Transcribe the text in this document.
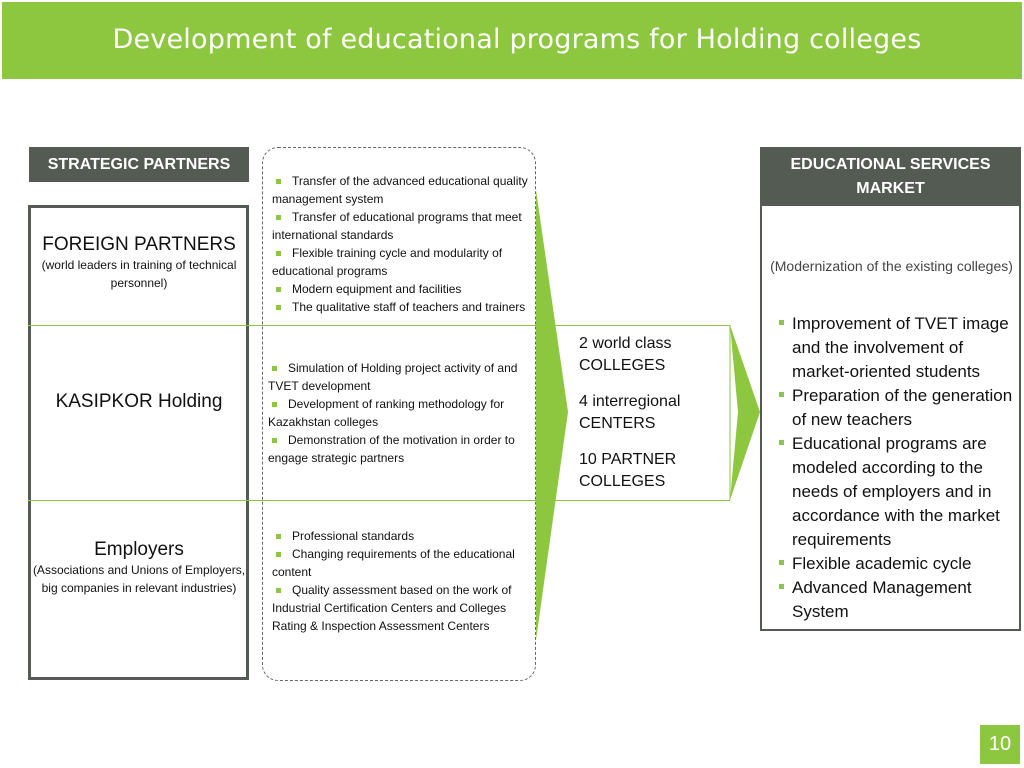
Development of educational programs for Holding colleges
STRATEGIC PARTNERS
FOREIGN PARTNERS
(world leaders in training of technical personnel)
KASIPKOR Holding
Employers
(Associations and Unions of Employers, big companies in relevant industries)
Transfer of the advanced educational quality management system
Transfer of educational programs that meet international standards
Flexible training cycle and modularity of educational programs
Modern equipment and facilities
The qualitative staff of teachers and trainers
Simulation of Holding project activity of and TVET development
Development of ranking methodology for Kazakhstan colleges
Demonstration of the motivation in order to engage strategic partners
Professional standards
Changing requirements of the educational content
Quality assessment based on the work of Industrial Certification Centers and Colleges Rating & Inspection Assessment Centers
2 world class COLLEGES
4 interregional CENTERS
10 PARTNER COLLEGES
EDUCATIONAL SERVICES MARKET
(Modernization of the existing colleges)
Improvement of TVET image and the involvement of market-oriented students
Preparation of the generation of new teachers
Educational programs are modeled according to the needs of employers and in accordance with the market requirements
Flexible academic cycle
Advanced Management System
10
